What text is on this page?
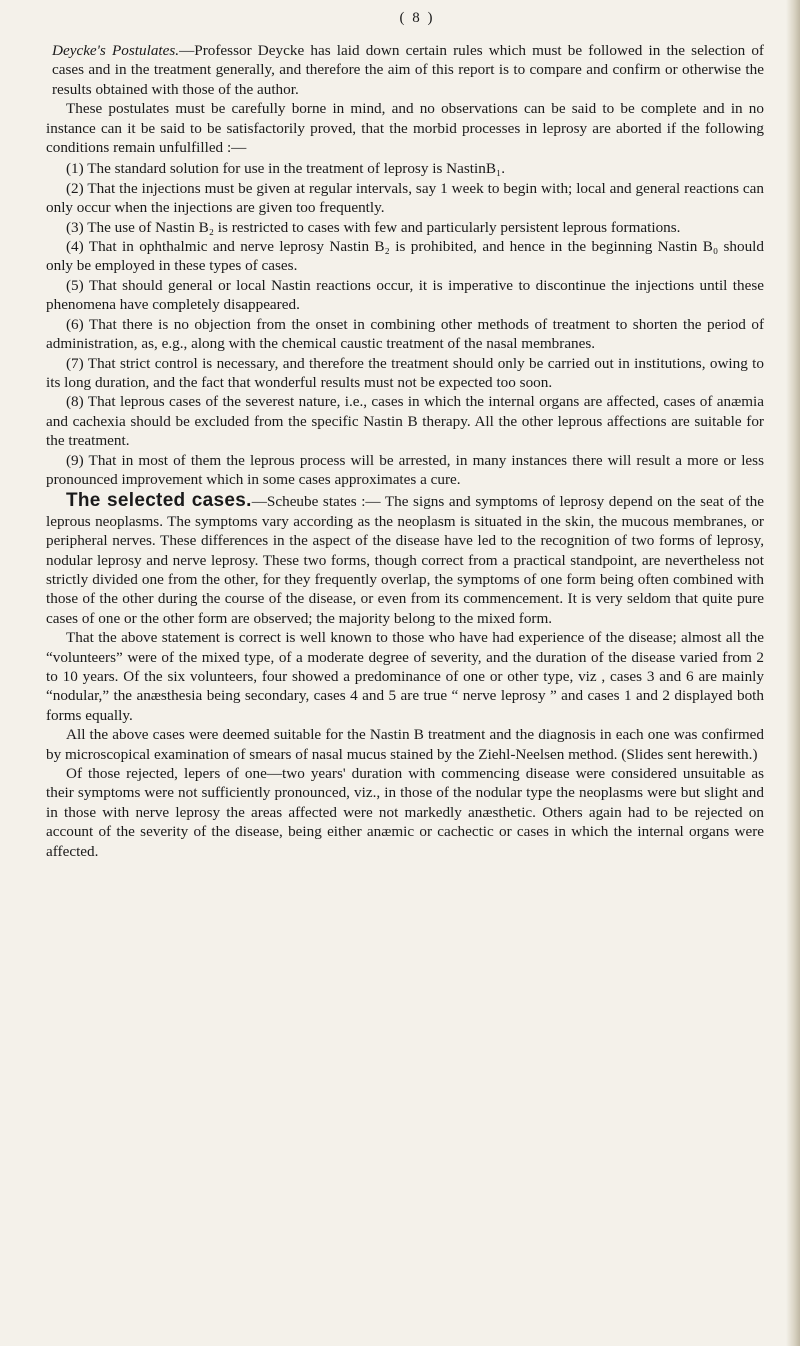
( 8 )

Deycke's Postulates.—Professor Deycke has laid down certain rules which must be followed in the selection of cases and in the treatment generally, and therefore the aim of this report is to compare and confirm or otherwise the results obtained with those of the author.

These postulates must be carefully borne in mind, and no observations can be said to be complete and in no instance can it be said to be satisfactorily proved, that the morbid processes in leprosy are aborted if the following conditions remain unfulfilled :—

(1) The standard solution for use in the treatment of leprosy is NastinB₁.

(2) That the injections must be given at regular intervals, say 1 week to begin with; local and general reactions can only occur when the injections are given too frequently.

(3) The use of Nastin B₂ is restricted to cases with few and particularly persistent leprous formations.

(4) That in ophthalmic and nerve leprosy Nastin B₂ is prohibited, and hence in the beginning Nastin B₀ should only be employed in these types of cases.

(5) That should general or local Nastin reactions occur, it is imperative to discontinue the injections until these phenomena have completely disappeared.

(6) That there is no objection from the onset in combining other methods of treatment to shorten the period of administration, as, e.g., along with the chemical caustic treatment of the nasal membranes.

(7) That strict control is necessary, and therefore the treatment should only be carried out in institutions, owing to its long duration, and the fact that wonderful results must not be expected too soon.

(8) That leprous cases of the severest nature, i.e., cases in which the internal organs are affected, cases of anæmia and cachexia should be excluded from the specific Nastin B therapy. All the other leprous affections are suitable for the treatment.

(9) That in most of them the leprous process will be arrested, in many instances there will result a more or less pronounced improvement which in some cases approximates a cure.

The selected cases.—Scheube states :— The signs and symptoms of leprosy depend on the seat of the leprous neoplasms. The symptoms vary according as the neoplasm is situated in the skin, the mucous membranes, or peripheral nerves. These differences in the aspect of the disease have led to the recognition of two forms of leprosy, nodular leprosy and nerve leprosy. These two forms, though correct from a practical standpoint, are nevertheless not strictly divided one from the other, for they frequently overlap, the symptoms of one form being often combined with those of the other during the course of the disease, or even from its commencement. It is very seldom that quite pure cases of one or the other form are observed; the majority belong to the mixed form.

That the above statement is correct is well known to those who have had experience of the disease; almost all the “volunteers” were of the mixed type, of a moderate degree of severity, and the duration of the disease varied from 2 to 10 years. Of the six volunteers, four showed a predominance of one or other type, viz , cases 3 and 6 are mainly “nodular,” the anæsthesia being secondary, cases 4 and 5 are true “ nerve leprosy ” and cases 1 and 2 displayed both forms equally.

All the above cases were deemed suitable for the Nastin B treatment and the diagnosis in each one was confirmed by microscopical examination of smears of nasal mucus stained by the Ziehl-Neelsen method. (Slides sent herewith.)

Of those rejected, lepers of one—two years' duration with commencing disease were considered unsuitable as their symptoms were not sufficiently pronounced, viz., in those of the nodular type the neoplasms were but slight and in those with nerve leprosy the areas affected were not markedly anæsthetic. Others again had to be rejected on account of the severity of the disease, being either anæmic or cachectic or cases in which the internal organs were affected.
